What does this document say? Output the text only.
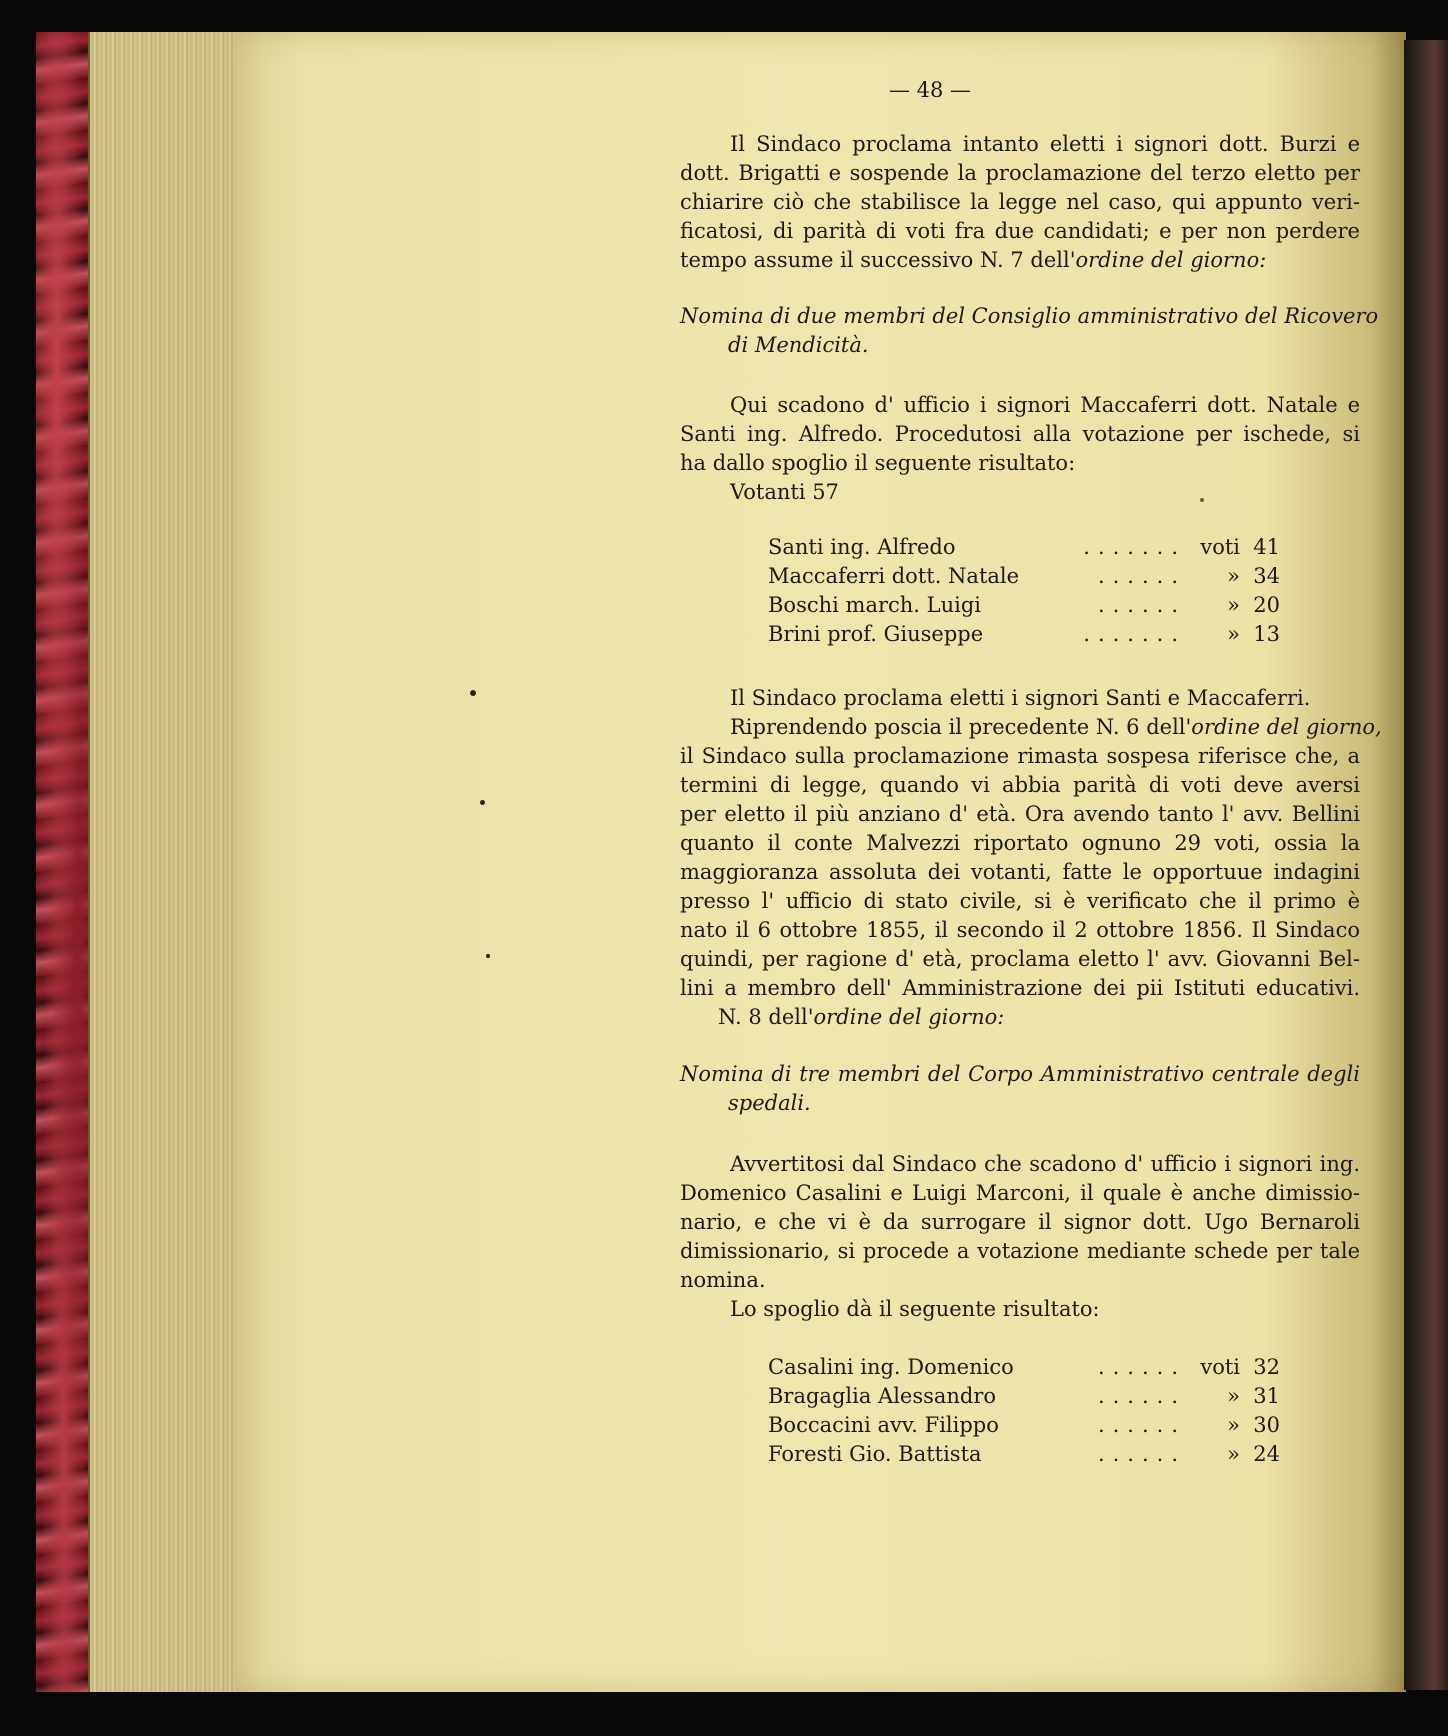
— 48 —
Il Sindaco proclama intanto eletti i signori dott. Burzi e
dott. Brigatti e sospende la proclamazione del terzo eletto per
chiarire ciò che stabilisce la legge nel caso, qui appunto veri-
ficatosi, di parità di voti fra due candidati; e per non perdere
tempo assume il successivo N. 7 dell'ordine del giorno:
Nomina di due membri del Consiglio amministrativo del Ricovero
di Mendicità.
Qui scadono d' ufficio i signori Maccaferri dott. Natale e
Santi ing. Alfredo. Procedutosi alla votazione per ischede, si
ha dallo spoglio il seguente risultato:
Votanti 57
Santi ing. Alfredo	....... voti 41
Maccaferri dott. Natale	...... » 34
Boschi march. Luigi	...... » 20
Brini prof. Giuseppe	....... » 13
Il Sindaco proclama eletti i signori Santi e Maccaferri.
Riprendendo poscia il precedente N. 6 dell'ordine del giorno,
il Sindaco sulla proclamazione rimasta sospesa riferisce che, a
termini di legge, quando vi abbia parità di voti deve aversi
per eletto il più anziano d' età. Ora avendo tanto l' avv. Bellini
quanto il conte Malvezzi riportato ognuno 29 voti, ossia la
maggioranza assoluta dei votanti, fatte le opportuue indagini
presso l' ufficio di stato civile, si è verificato che il primo è
nato il 6 ottobre 1855, il secondo il 2 ottobre 1856. Il Sindaco
quindi, per ragione d' età, proclama eletto l' avv. Giovanni Bel-
lini a membro dell' Amministrazione dei pii Istituti educativi.
N. 8 dell'ordine del giorno:
Nomina di tre membri del Corpo Amministrativo centrale degli
spedali.
Avvertitosi dal Sindaco che scadono d' ufficio i signori ing.
Domenico Casalini e Luigi Marconi, il quale è anche dimissio-
nario, e che vi è da surrogare il signor dott. Ugo Bernaroli
dimissionario, si procede a votazione mediante schede per tale
nomina.
Lo spoglio dà il seguente risultato:
Casalini ing. Domenico	...... voti 32
Bragaglia Alessandro	...... » 31
Boccacini avv. Filippo	...... » 30
Foresti Gio. Battista	...... » 24
